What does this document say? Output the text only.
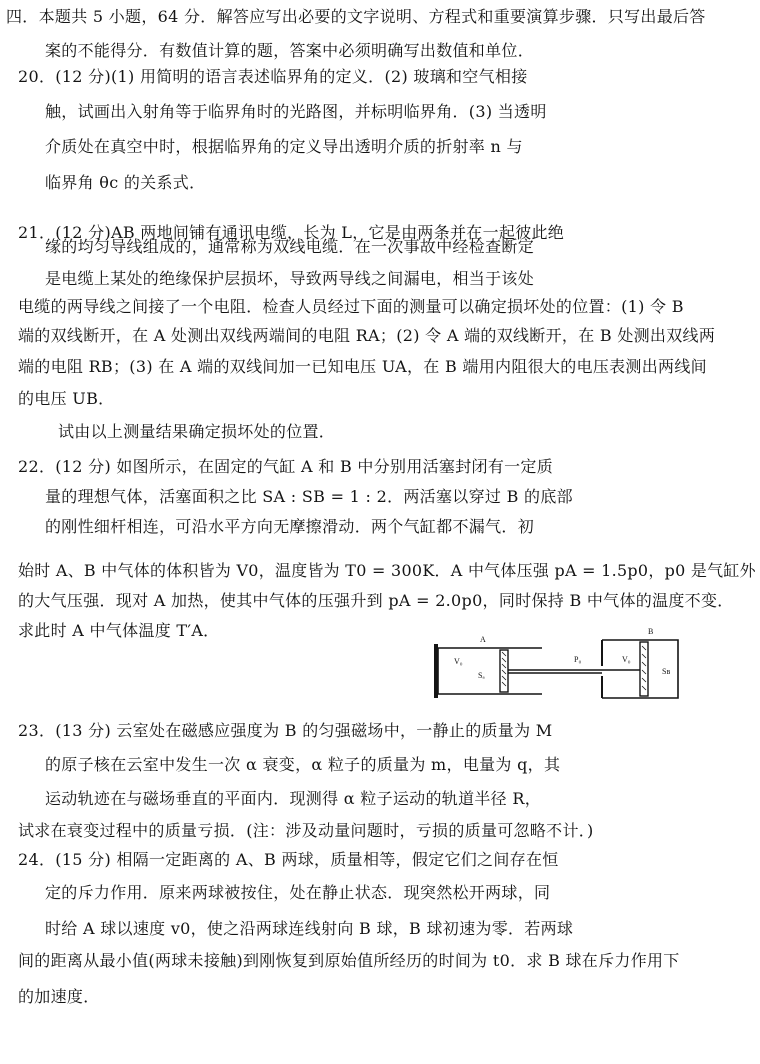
四．本题共 5 小题，64 分．解答应写出必要的文字说明、方程式和重要演算步骤．只写出最后答
案的不能得分．有数值计算的题，答案中必须明确写出数值和单位．
20．(12 分)(1) 用简明的语言表述临界角的定义．(2) 玻璃和空气相接
触，试画出入射角等于临界角时的光路图，并标明临界角．(3) 当透明
介质处在真空中时，根据临界角的定义导出透明介质的折射率 n 与
临界角 θc 的关系式．
21．(12 分)AB 两地间铺有通讯电缆，长为 L，它是由两条并在一起彼此绝
缘的均匀导线组成的，通常称为双线电缆．在一次事故中经检查断定
是电缆上某处的绝缘保护层损坏，导致两导线之间漏电，相当于该处
电缆的两导线之间接了一个电阻．检查人员经过下面的测量可以确定损坏处的位置：(1) 令 B
端的双线断开，在 A 处测出双线两端间的电阻 RA；(2) 令 A 端的双线断开，在 B 处测出双线两
端的电阻 RB；(3) 在 A 端的双线间加一已知电压 UA，在 B 端用内阻很大的电压表测出两线间
的电压 UB．
试由以上测量结果确定损坏处的位置．
22．(12 分) 如图所示，在固定的气缸 A 和 B 中分别用活塞封闭有一定质
量的理想气体，活塞面积之比 SA : SB = 1 : 2．两活塞以穿过 B 的底部
的刚性细杆相连，可沿水平方向无摩擦滑动．两个气缸都不漏气．初
始时 A、B 中气体的体积皆为 V0，温度皆为 T0 = 300K．A 中气体压强 pA = 1.5p0，p0 是气缸外
的大气压强．现对 A 加热，使其中气体的压强升到 pA = 2.0p0，同时保持 B 中气体的温度不变．
求此时 A 中气体温度 T′A．	A
V₀
Sₐ
P₀
B
V₀
Sʙ
23．(13 分) 云室处在磁感应强度为 B 的匀强磁场中，一静止的质量为 M
的原子核在云室中发生一次 α 衰变，α 粒子的质量为 m，电量为 q，其
运动轨迹在与磁场垂直的平面内．现测得 α 粒子运动的轨道半径 R，
试求在衰变过程中的质量亏损．(注：涉及动量问题时，亏损的质量可忽略不计．)
24．(15 分) 相隔一定距离的 A、B 两球，质量相等，假定它们之间存在恒
定的斥力作用．原来两球被按住，处在静止状态．现突然松开两球，同
时给 A 球以速度 v0，使之沿两球连线射向 B 球，B 球初速为零．若两球
间的距离从最小值(两球未接触)到刚恢复到原始值所经历的时间为 t0．求 B 球在斥力作用下
的加速度．
